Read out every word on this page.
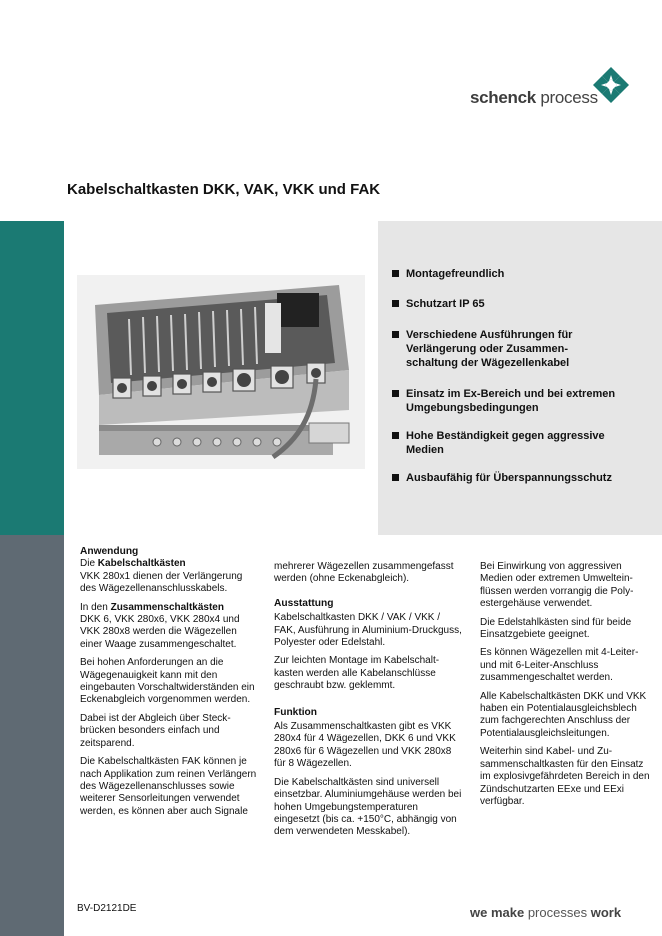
schenck process
Kabelschaltkasten DKK, VAK, VKK und FAK
Montagefreundlich
Schutzart IP 65
Verschiedene Ausführungen für Verlängerung oder Zusammenschaltung der Wägezellenkabel
Einsatz im Ex-Bereich und bei extremen Umgebungsbedingungen
Hohe Beständigkeit gegen aggressive Medien
Ausbaufähig für Überspannungsschutz
Anwendung

Die Kabelschaltkästen
VKK 280x1 dienen der Verlängerung des Wägezellenanschlusskabels.

In den Zusammenschaltkästen
DKK 6, VKK 280x6, VKK 280x4 und VKK 280x8 werden die Wägezellen einer Waage zusammengeschaltet.

Bei hohen Anforderungen an die Wägegenauigkeit kann mit den eingebauten Vorschaltwiderständen ein Eckenabgleich vorgenommen werden.

Dabei ist der Abgleich über Steckbrücken besonders einfach und zeitsparend.

Die Kabelschaltkästen FAK können je nach Applikation zum reinen Verlängern des Wägezellenanschlusses sowie weiterer Sensorleitungen verwendet werden, es können aber auch Signale

mehrerer Wägezellen zusammengefasst werden (ohne Eckenabgleich).

Ausstattung

Kabelschaltkasten DKK / VAK / VKK / FAK, Ausführung in Aluminium-Druckguss, Polyester oder Edelstahl.

Zur leichten Montage im Kabelschaltkasten werden alle Kabelanschlüsse geschraubt bzw. geklemmt.

Funktion

Als Zusammenschaltkasten gibt es VKK 280x4 für 4 Wägezellen, DKK 6 und VKK 280x6 für 6 Wägezellen und VKK 280x8 für 8 Wägezellen.

Die Kabelschaltkästen sind universell einsetzbar. Aluminiumgehäuse werden bei hohen Umgebungstemperaturen eingesetzt (bis ca. +150°C, abhängig von dem verwendeten Messkabel).

Bei Einwirkung von aggressiven Medien oder extremen Umwelteinflüssen werden vorrangig die Polyestergehäuse verwendet.

Die Edelstahlkästen sind für beide Einsatzgebiete geeignet.

Es können Wägezellen mit 4-Leiter- und mit 6-Leiter-Anschluss zusammengeschaltet werden.

Alle Kabelschaltkästen DKK und VKK haben ein Potentialausgleichsblech zum fachgerechten Anschluss der Potentialausgleichsleitungen.

Weiterhin sind Kabel- und Zusammenschaltkasten für den Einsatz im explosivgefährdeten Bereich in den Zündschutzarten EExe und EExi verfügbar.

BV-D2121DE	we make processes work
